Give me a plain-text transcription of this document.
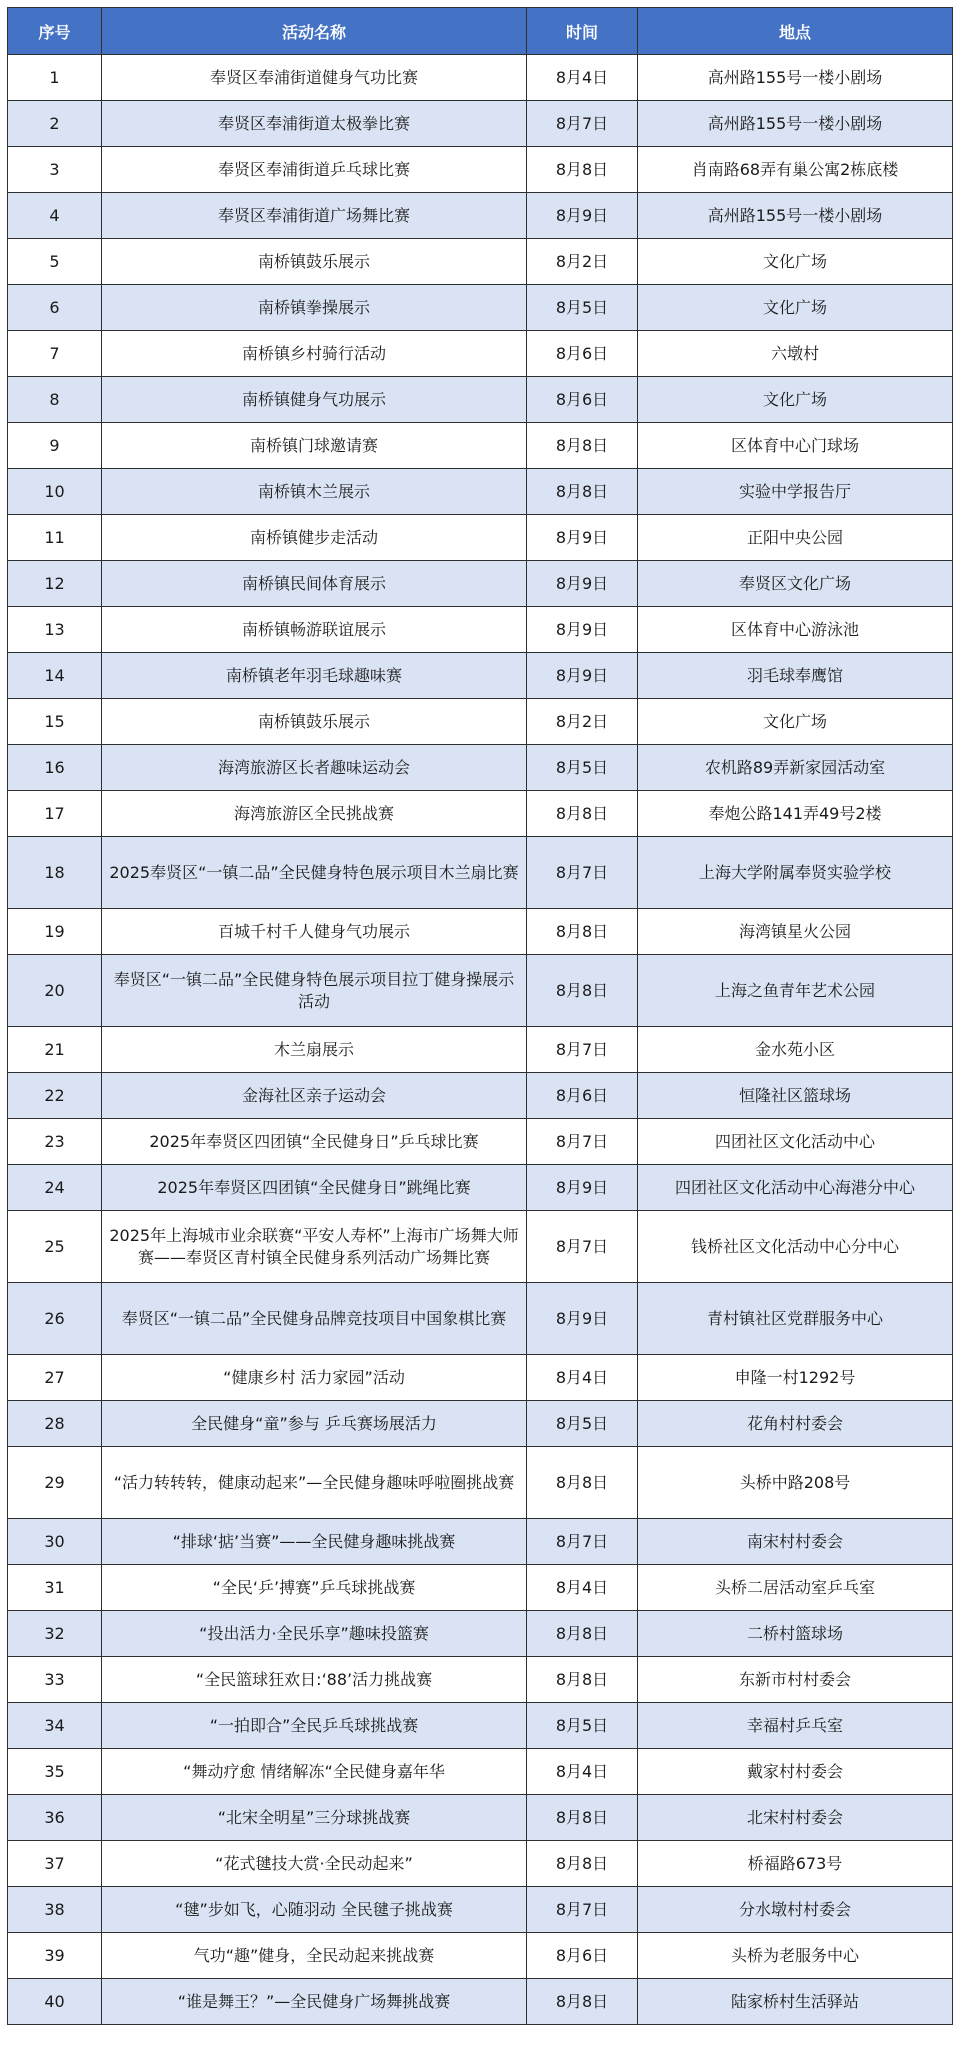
序号	活动名称	时间	地点
1	奉贤区奉浦街道健身气功比赛	8月4日	高州路155号一楼小剧场
2	奉贤区奉浦街道太极拳比赛	8月7日	高州路155号一楼小剧场
3	奉贤区奉浦街道乒乓球比赛	8月8日	肖南路68弄有巢公寓2栋底楼
4	奉贤区奉浦街道广场舞比赛	8月9日	高州路155号一楼小剧场
5	南桥镇鼓乐展示	8月2日	文化广场
6	南桥镇拳操展示	8月5日	文化广场
7	南桥镇乡村骑行活动	8月6日	六墩村
8	南桥镇健身气功展示	8月6日	文化广场
9	南桥镇门球邀请赛	8月8日	区体育中心门球场
10	南桥镇木兰展示	8月8日	实验中学报告厅
11	南桥镇健步走活动	8月9日	正阳中央公园
12	南桥镇民间体育展示	8月9日	奉贤区文化广场
13	南桥镇畅游联谊展示	8月9日	区体育中心游泳池
14	南桥镇老年羽毛球趣味赛	8月9日	羽毛球奉鹰馆
15	南桥镇鼓乐展示	8月2日	文化广场
16	海湾旅游区长者趣味运动会	8月5日	农机路89弄新家园活动室
17	海湾旅游区全民挑战赛	8月8日	奉炮公路141弄49号2楼
18	2025奉贤区“一镇二品”全民健身特色展示项目木兰扇比赛	8月7日	上海大学附属奉贤实验学校
19	百城千村千人健身气功展示	8月8日	海湾镇星火公园
20	奉贤区“一镇二品”全民健身特色展示项目拉丁健身操展示活动	8月8日	上海之鱼青年艺术公园
21	木兰扇展示	8月7日	金水苑小区
22	金海社区亲子运动会	8月6日	恒隆社区篮球场
23	2025年奉贤区四团镇“全民健身日”乒乓球比赛	8月7日	四团社区文化活动中心
24	2025年奉贤区四团镇“全民健身日”跳绳比赛	8月9日	四团社区文化活动中心海港分中心
25	2025年上海城市业余联赛“平安人寿杯”上海市广场舞大师赛——奉贤区青村镇全民健身系列活动广场舞比赛	8月7日	钱桥社区文化活动中心分中心
26	奉贤区“一镇二品”全民健身品牌竞技项目中国象棋比赛	8月9日	青村镇社区党群服务中心
27	“健康乡村 活力家园”活动	8月4日	申隆一村1292号
28	全民健身“童”参与 乒乓赛场展活力	8月5日	花角村村委会
29	“活力转转转，健康动起来”—全民健身趣味呼啦圈挑战赛	8月8日	头桥中路208号
30	“排球‘掂’当赛”——全民健身趣味挑战赛	8月7日	南宋村村委会
31	“全民‘乒’搏赛”乒乓球挑战赛	8月4日	头桥二居活动室乒乓室
32	“投出活力·全民乐享”趣味投篮赛	8月8日	二桥村篮球场
33	“全民篮球狂欢日:‘88’活力挑战赛	8月8日	东新市村村委会
34	“一拍即合”全民乒乓球挑战赛	8月5日	幸福村乒乓室
35	“舞动疗愈 情绪解冻“全民健身嘉年华	8月4日	戴家村村委会
36	“北宋全明星”三分球挑战赛	8月8日	北宋村村委会
37	“花式毽技大赏·全民动起来”	8月8日	桥福路673号
38	“毽”步如飞，心随羽动 全民毽子挑战赛	8月7日	分水墩村村委会
39	气功“趣”健身，全民动起来挑战赛	8月6日	头桥为老服务中心
40	“谁是舞王？”—全民健身广场舞挑战赛	8月8日	陆家桥村生活驿站
